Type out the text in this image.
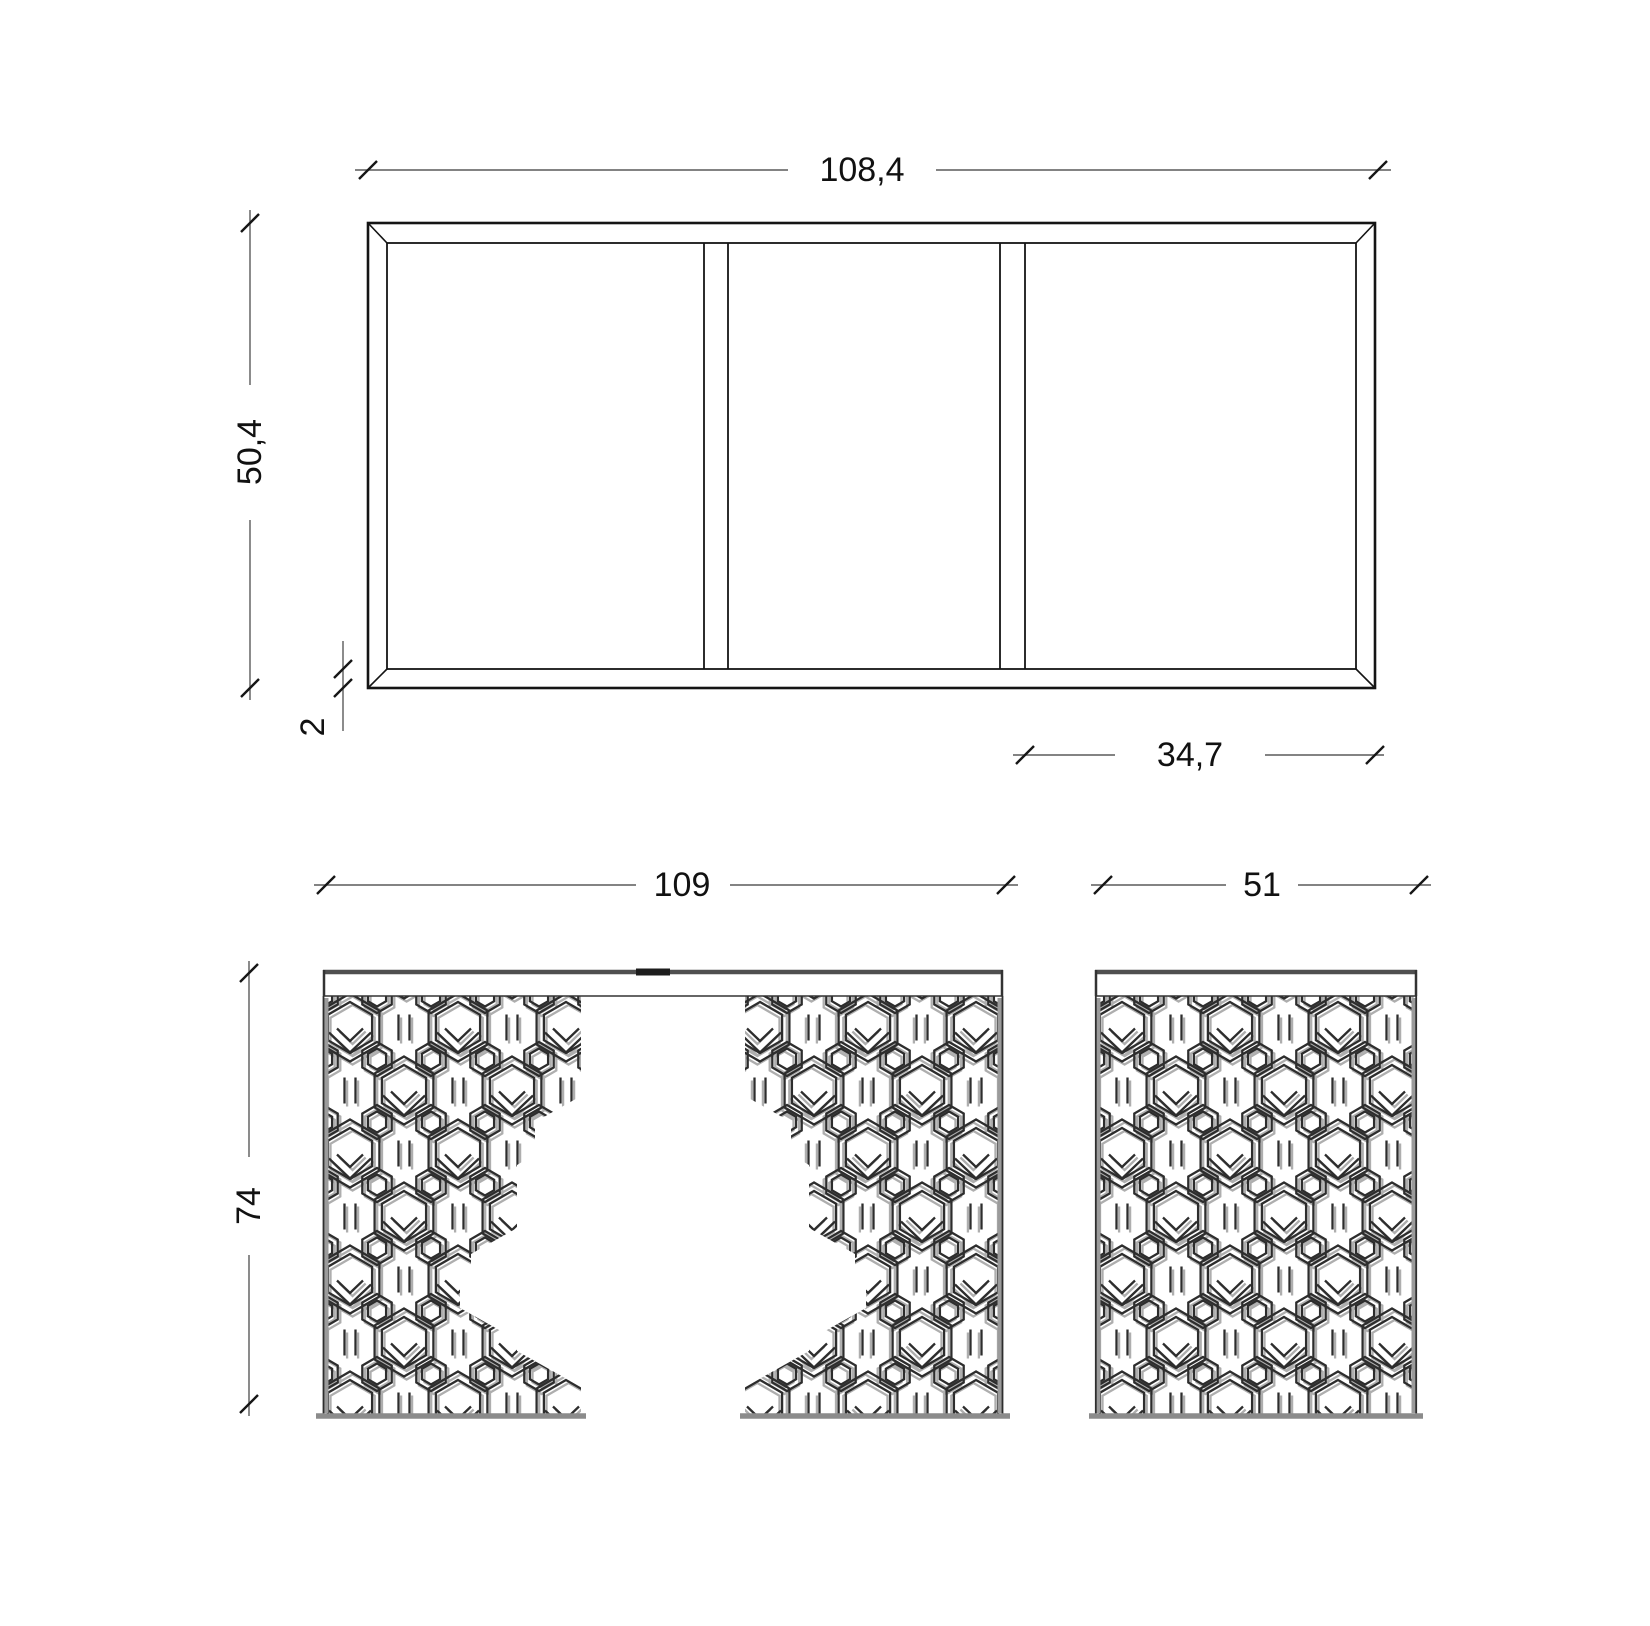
108,4
50,4
2
34,7
109	51
74
